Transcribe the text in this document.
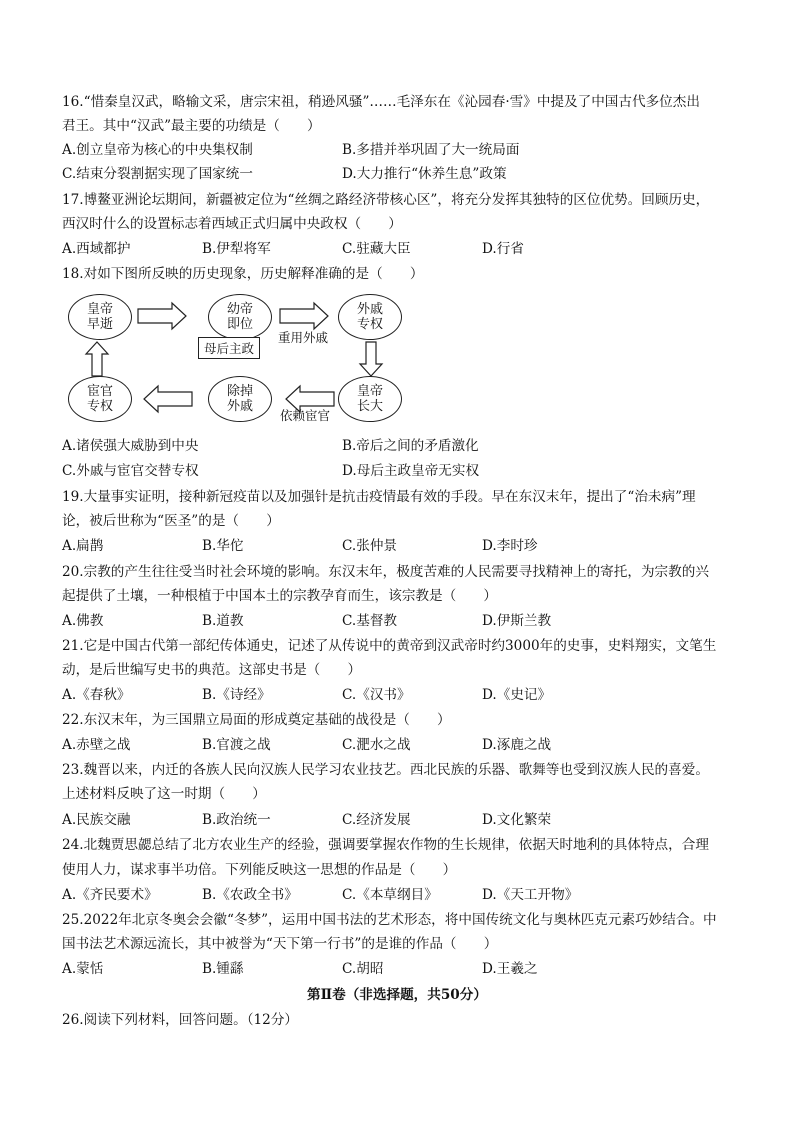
16.“惜秦皇汉武，略输文采，唐宗宋祖，稍逊风骚”……毛泽东在《沁园春·雪》中提及了中国古代多位杰出
君王。其中“汉武”最主要的功绩是（　　）
A.创立皇帝为核心的中央集权制	B.多措并举巩固了大一统局面
C.结束分裂割据实现了国家统一	D.大力推行“休养生息”政策
17.博鳌亚洲论坛期间，新疆被定位为“丝绸之路经济带核心区”，将充分发挥其独特的区位优势。回顾历史，
西汉时什么的设置标志着西域正式归属中央政权（　　）
A.西域都护	B.伊犁将军	C.驻藏大臣	D.行省
18.对如下图所反映的历史现象，历史解释准确的是（　　）
皇帝
早逝
幼帝
即位
外戚
专权
皇帝
长大
除掉
外戚
宦官
专权
母后主政
重用外戚
依赖宦官
A.诸侯强大威胁到中央	B.帝后之间的矛盾激化
C.外戚与宦官交替专权	D.母后主政皇帝无实权
19.大量事实证明，接种新冠疫苗以及加强针是抗击疫情最有效的手段。早在东汉末年，提出了“治未病”理
论，被后世称为“医圣”的是（　　）
A.扁鹊	B.华佗	C.张仲景	D.李时珍
20.宗教的产生往往受当时社会环境的影响。东汉末年，极度苦难的人民需要寻找精神上的寄托，为宗教的兴
起提供了土壤，一种根植于中国本土的宗教孕育而生，该宗教是（　　）
A.佛教	B.道教	C.基督教	D.伊斯兰教
21.它是中国古代第一部纪传体通史，记述了从传说中的黄帝到汉武帝时约3000年的史事，史料翔实，文笔生
动，是后世编写史书的典范。这部史书是（　　）
A.《春秋》	B.《诗经》	C.《汉书》	D.《史记》
22.东汉末年，为三国鼎立局面的形成奠定基础的战役是（　　）
A.赤壁之战	B.官渡之战	C.淝水之战	D.涿鹿之战
23.魏晋以来，内迁的各族人民向汉族人民学习农业技艺。西北民族的乐器、歌舞等也受到汉族人民的喜爱。
上述材料反映了这一时期（　　）
A.民族交融	B.政治统一	C.经济发展	D.文化繁荣
24.北魏贾思勰总结了北方农业生产的经验，强调要掌握农作物的生长规律，依据天时地利的具体特点，合理
使用人力，谋求事半功倍。下列能反映这一思想的作品是（　　）
A.《齐民要术》	B.《农政全书》	C.《本草纲目》	D.《天工开物》
25.2022年北京冬奥会会徽“冬梦”，运用中国书法的艺术形态，将中国传统文化与奥林匹克元素巧妙结合。中
国书法艺术源远流长，其中被誉为“天下第一行书”的是谁的作品（　　）
A.蒙恬	B.锺繇	C.胡昭	D.王羲之
第Ⅱ卷（非选择题，共50分）
26.阅读下列材料，回答问题。（12分）
